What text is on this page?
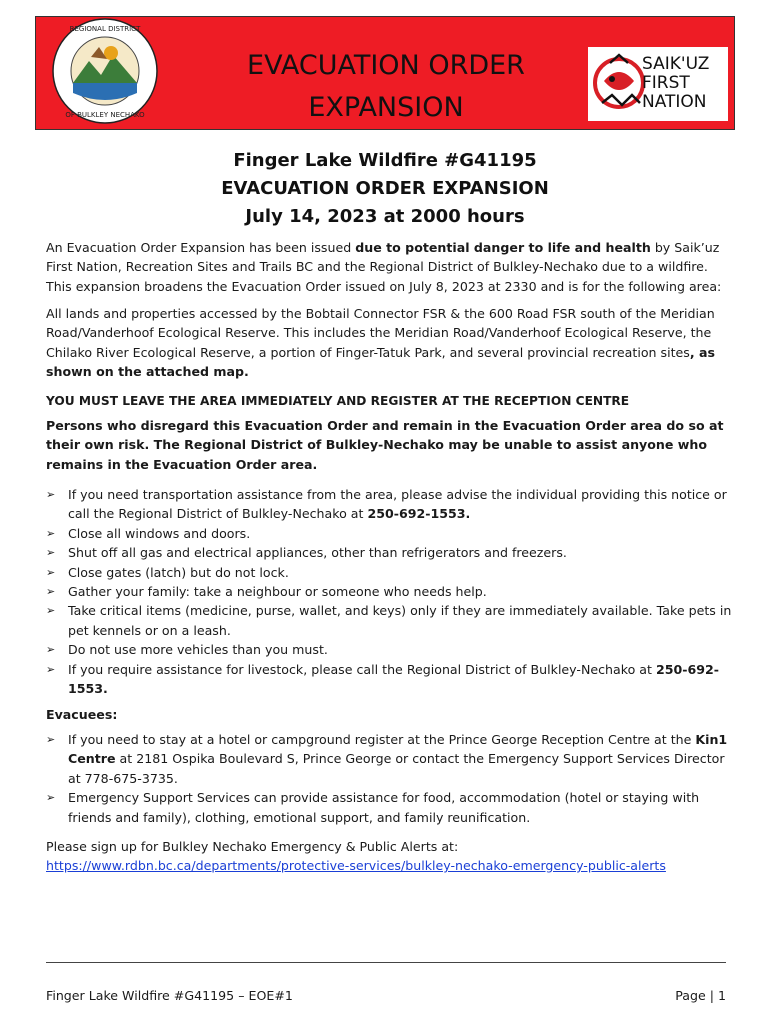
REGIONAL DISTRICT
OF BULKLEY NECHAKO
EVACUATION ORDER
EXPANSION
SAIK'UZ
FIRST
NATION
Finger Lake Wildfire #G41195
EVACUATION ORDER EXPANSION
July 14, 2023 at 2000 hours
An Evacuation Order Expansion has been issued due to potential danger to life and health by Saik’uz First Nation, Recreation Sites and Trails BC and the Regional District of Bulkley-Nechako due to a wildfire. This expansion broadens the Evacuation Order issued on July 8, 2023 at 2330 and is for the following area:
All lands and properties accessed by the Bobtail Connector FSR & the 600 Road FSR south of the Meridian Road/Vanderhoof Ecological Reserve. This includes the Meridian Road/Vanderhoof Ecological Reserve, the Chilako River Ecological Reserve, a portion of Finger-Tatuk Park, and several provincial recreation sites, as shown on the attached map.
YOU MUST LEAVE THE AREA IMMEDIATELY AND REGISTER AT THE RECEPTION CENTRE
Persons who disregard this Evacuation Order and remain in the Evacuation Order area do so at their own risk. The Regional District of Bulkley-Nechako may be unable to assist anyone who remains in the Evacuation Order area.
➢ If you need transportation assistance from the area, please advise the individual providing this notice or call the Regional District of Bulkley-Nechako at 250-692-1553.
➢ Close all windows and doors.
➢ Shut off all gas and electrical appliances, other than refrigerators and freezers.
➢ Close gates (latch) but do not lock.
➢ Gather your family: take a neighbour or someone who needs help.
➢ Take critical items (medicine, purse, wallet, and keys) only if they are immediately available. Take pets in pet kennels or on a leash.
➢ Do not use more vehicles than you must.
➢ If you require assistance for livestock, please call the Regional District of Bulkley-Nechako at 250-692-1553.
Evacuees:
➢ If you need to stay at a hotel or campground register at the Prince George Reception Centre at the Kin1 Centre at 2181 Ospika Boulevard S, Prince George or contact the Emergency Support Services Director at 778-675-3735.
➢ Emergency Support Services can provide assistance for food, accommodation (hotel or staying with friends and family), clothing, emotional support, and family reunification.
Please sign up for Bulkley Nechako Emergency & Public Alerts at:
https://www.rdbn.bc.ca/departments/protective-services/bulkley-nechako-emergency-public-alerts
Finger Lake Wildfire #G41195 – EOE#1	Page | 1
